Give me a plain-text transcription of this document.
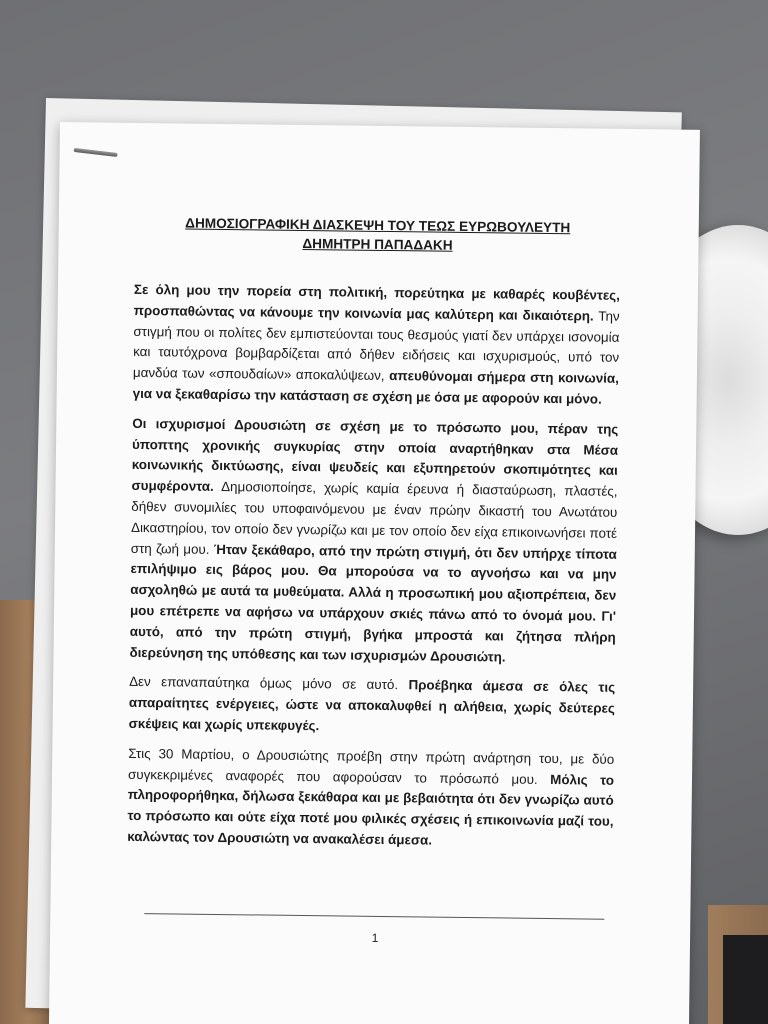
ΔΗΜΟΣΙΟΓΡΑΦΙΚΗ ΔΙΑΣΚΕΨΗ ΤΟΥ ΤΕΩΣ ΕΥΡΩΒΟΥΛΕΥΤΗ
ΔΗΜΗΤΡΗ ΠΑΠΑΔΑΚΗ

Σε όλη μου την πορεία στη πολιτική, πορεύτηκα με καθαρές κουβέντες, προσπαθώντας να κάνουμε την κοινωνία μας καλύτερη και δικαιότερη. Την στιγμή που οι πολίτες δεν εμπιστεύονται τους θεσμούς γιατί δεν υπάρχει ισονομία και ταυτόχρονα βομβαρδίζεται από δήθεν ειδήσεις και ισχυρισμούς, υπό τον μανδύα των «σπουδαίων» αποκαλύψεων, απευθύνομαι σήμερα στη κοινωνία, για να ξεκαθαρίσω την κατάσταση σε σχέση με όσα με αφορούν και μόνο.

Οι ισχυρισμοί Δρουσιώτη σε σχέση με το πρόσωπο μου, πέραν της ύποπτης χρονικής συγκυρίας στην οποία αναρτήθηκαν στα Μέσα κοινωνικής δικτύωσης, είναι ψευδείς και εξυπηρετούν σκοπιμότητες και συμφέροντα. Δημοσιοποίησε, χωρίς καμία έρευνα ή διασταύρωση, πλαστές, δήθεν συνομιλίες του υποφαινόμενου με έναν πρώην δικαστή του Ανωτάτου Δικαστηρίου, τον οποίο δεν γνωρίζω και με τον οποίο δεν είχα επικοινωνήσει ποτέ στη ζωή μου. Ήταν ξεκάθαρο, από την πρώτη στιγμή, ότι δεν υπήρχε τίποτα επιλήψιμο εις βάρος μου. Θα μπορούσα να το αγνοήσω και να μην ασχοληθώ με αυτά τα μυθεύματα. Αλλά η προσωπική μου αξιοπρέπεια, δεν μου επέτρεπε να αφήσω να υπάρχουν σκιές πάνω από το όνομά μου. Γι' αυτό, από την πρώτη στιγμή, βγήκα μπροστά και ζήτησα πλήρη διερεύνηση της υπόθεσης και των ισχυρισμών Δρουσιώτη.

Δεν επαναπαύτηκα όμως μόνο σε αυτό. Προέβηκα άμεσα σε όλες τις απαραίτητες ενέργειες, ώστε να αποκαλυφθεί η αλήθεια, χωρίς δεύτερες σκέψεις και χωρίς υπεκφυγές.

Στις 30 Μαρτίου, ο Δρουσιώτης προέβη στην πρώτη ανάρτηση του, με δύο συγκεκριμένες αναφορές που αφορούσαν το πρόσωπό μου. Μόλις το πληροφορήθηκα, δήλωσα ξεκάθαρα και με βεβαιότητα ότι δεν γνωρίζω αυτό το πρόσωπο και ούτε είχα ποτέ μου φιλικές σχέσεις ή επικοινωνία μαζί του, καλώντας τον Δρουσιώτη να ανακαλέσει άμεσα.

1
